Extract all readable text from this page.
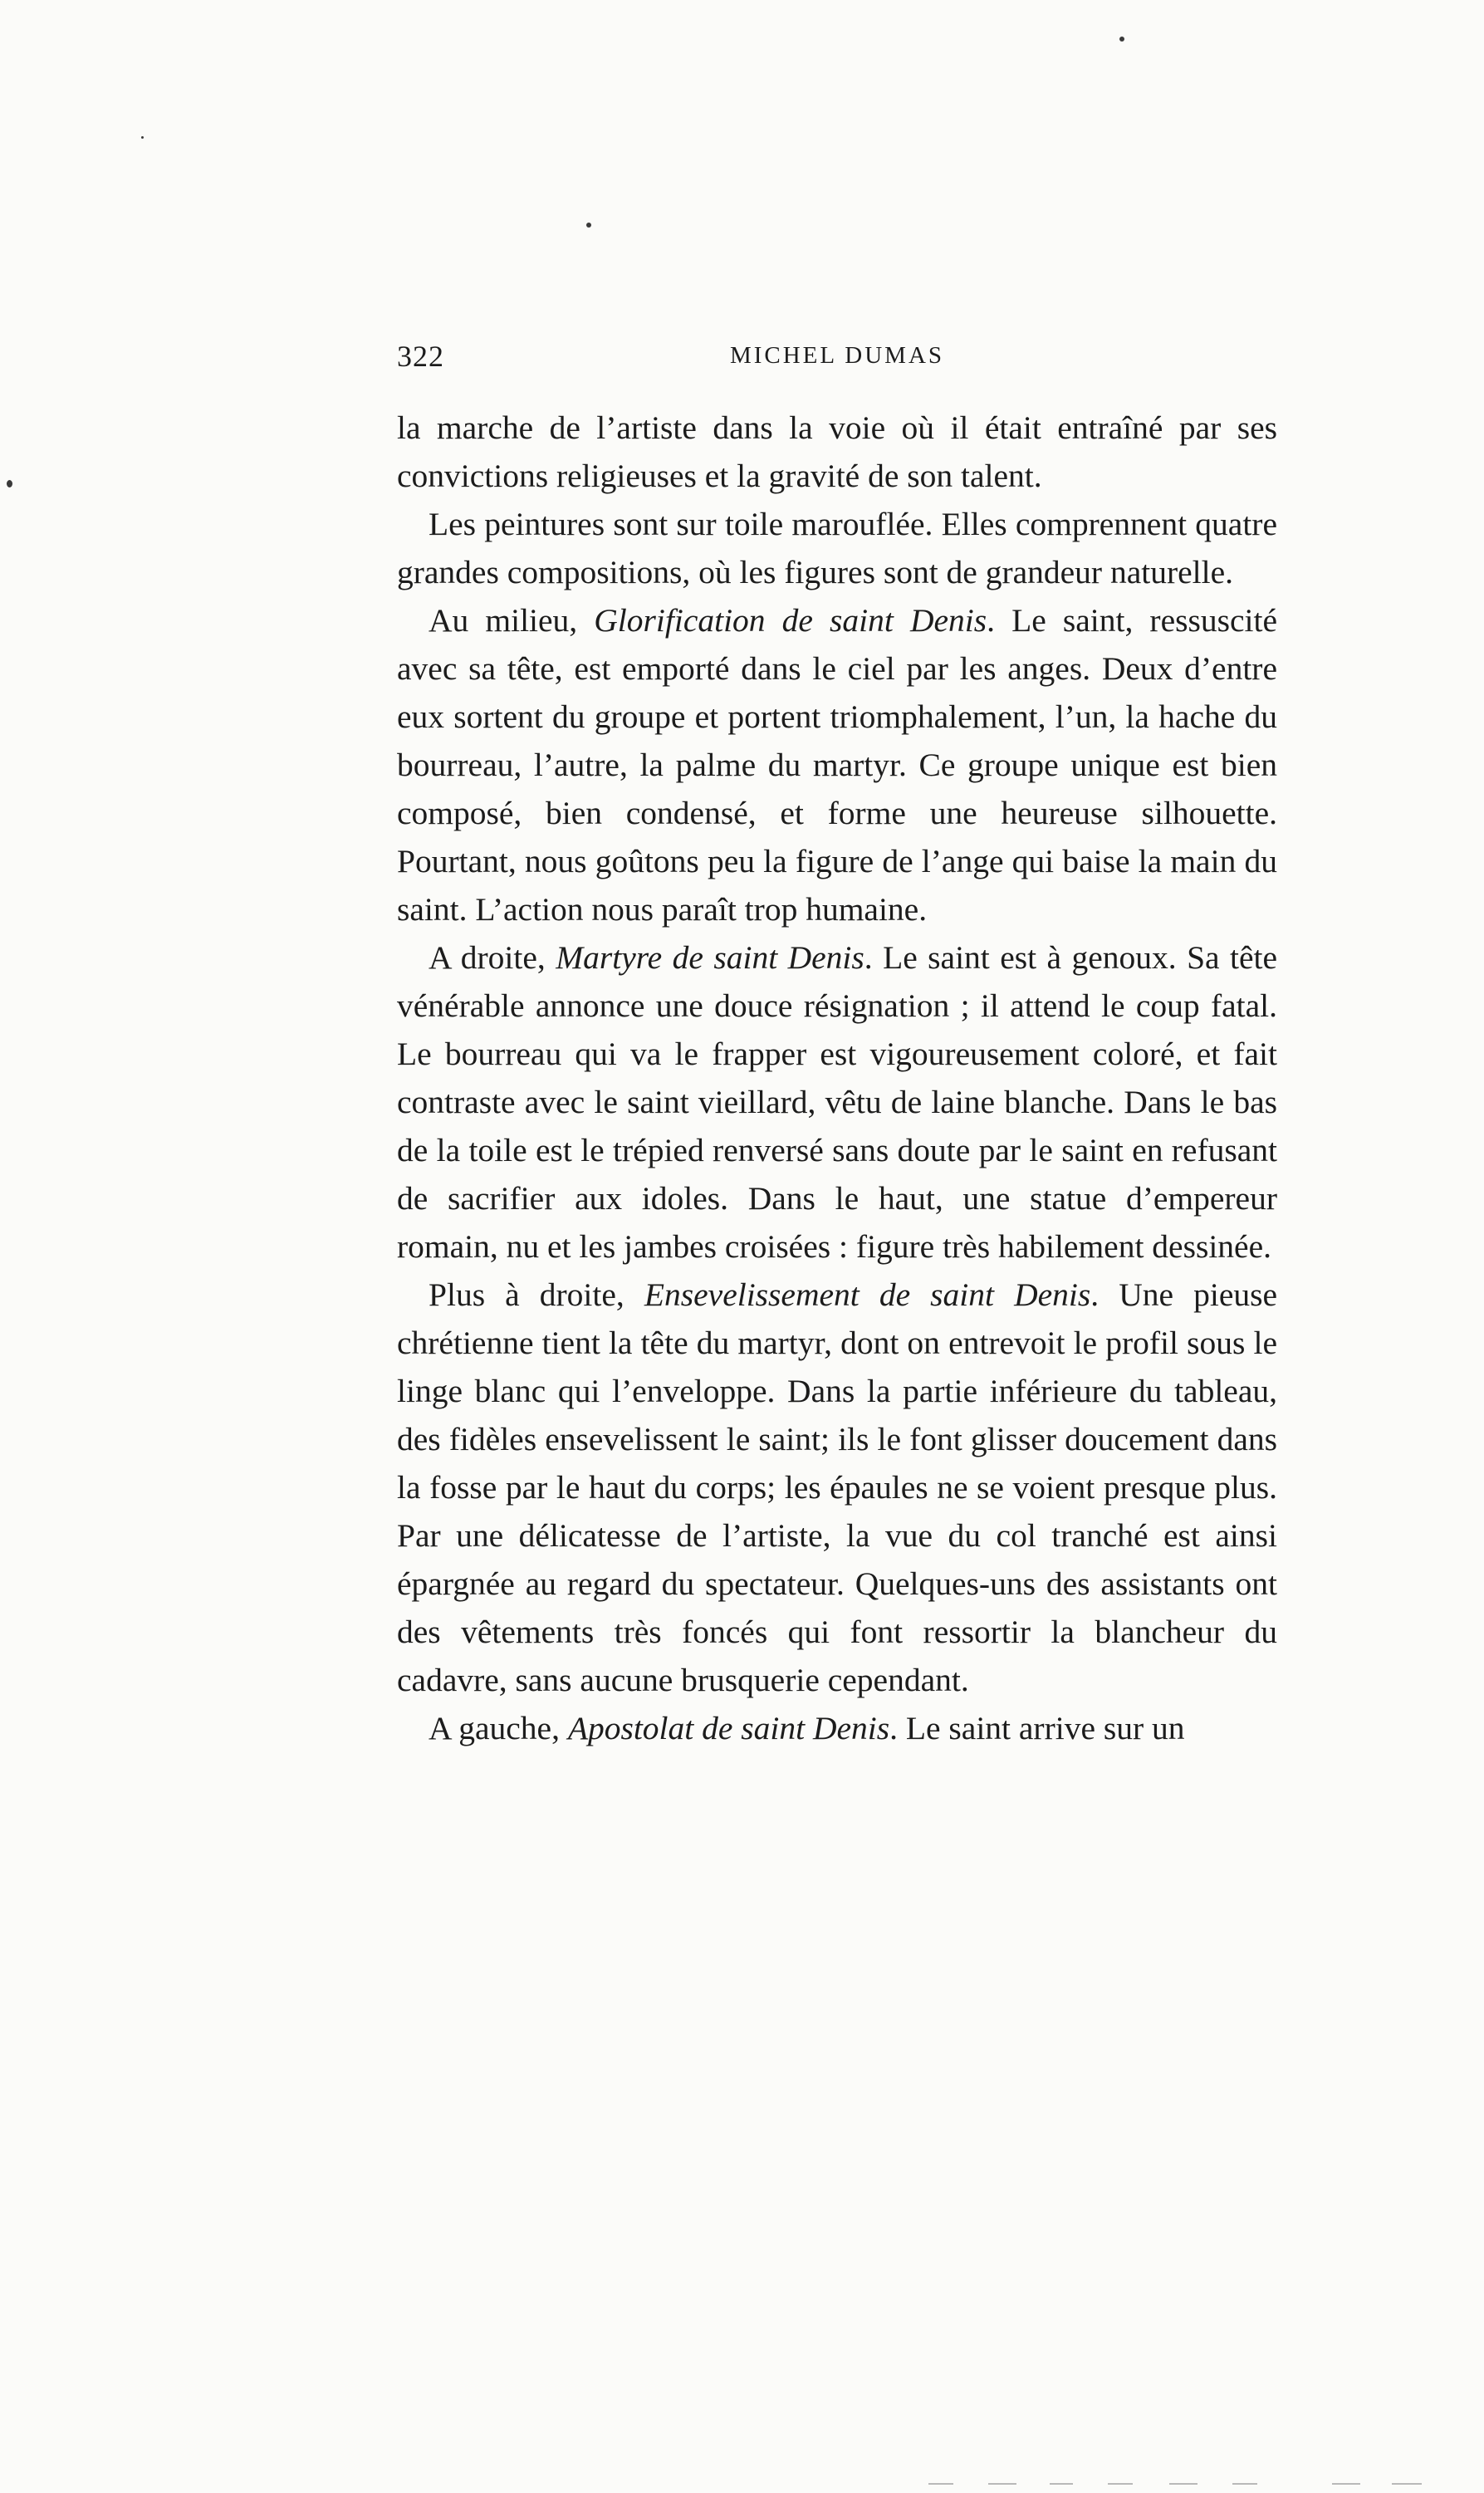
322	MICHEL DUMAS

la marche de l’artiste dans la voie où il était entraîné par ses convictions religieuses et la gravité de son talent.

Les peintures sont sur toile marouflée. Elles comprennent quatre grandes compositions, où les figures sont de grandeur naturelle.

Au milieu, Glorification de saint Denis. Le saint, ressuscité avec sa tête, est emporté dans le ciel par les anges. Deux d’entre eux sortent du groupe et portent triomphalement, l’un, la hache du bourreau, l’autre, la palme du martyr. Ce groupe unique est bien composé, bien condensé, et forme une heureuse silhouette. Pourtant, nous goûtons peu la figure de l’ange qui baise la main du saint. L’action nous paraît trop humaine.

A droite, Martyre de saint Denis. Le saint est à genoux. Sa tête vénérable annonce une douce résignation ; il attend le coup fatal. Le bourreau qui va le frapper est vigoureusement coloré, et fait contraste avec le saint vieillard, vêtu de laine blanche. Dans le bas de la toile est le trépied renversé sans doute par le saint en refusant de sacrifier aux idoles. Dans le haut, une statue d’empereur romain, nu et les jambes croisées : figure très habilement dessinée.

Plus à droite, Ensevelissement de saint Denis. Une pieuse chrétienne tient la tête du martyr, dont on entrevoit le profil sous le linge blanc qui l’enveloppe. Dans la partie inférieure du tableau, des fidèles ensevelissent le saint; ils le font glisser doucement dans la fosse par le haut du corps; les épaules ne se voient presque plus. Par une délicatesse de l’artiste, la vue du col tranché est ainsi épargnée au regard du spectateur. Quelques-uns des assistants ont des vêtements très foncés qui font ressortir la blancheur du cadavre, sans aucune brusquerie cependant.

A gauche, Apostolat de saint Denis. Le saint arrive sur un
